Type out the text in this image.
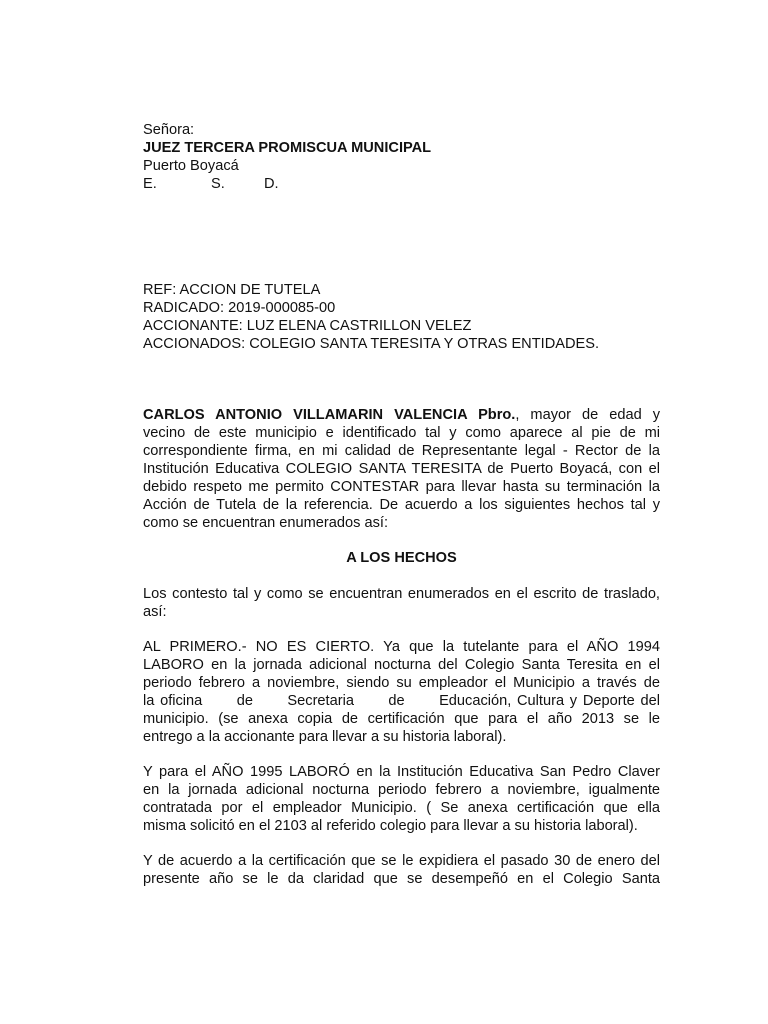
Señora:
JUEZ TERCERA PROMISCUA MUNICIPAL
Puerto Boyacá
E.	S.	D.
REF: ACCION DE TUTELA
RADICADO: 2019-000085-00
ACCIONANTE: LUZ ELENA CASTRILLON VELEZ
ACCIONADOS: COLEGIO SANTA TERESITA Y OTRAS ENTIDADES.
CARLOS ANTONIO VILLAMARIN VALENCIA Pbro., mayor de edad y
vecino de este municipio e identificado tal y como aparece al pie de mi
correspondiente firma, en mi calidad de Representante legal - Rector de la
Institución Educativa COLEGIO SANTA TERESITA de Puerto Boyacá, con el
debido respeto me permito CONTESTAR para llevar hasta su terminación la
Acción de Tutela de la referencia. De acuerdo a los siguientes hechos tal y
como se encuentran enumerados así:
A LOS HECHOS
Los contesto tal y como se encuentran enumerados en el escrito de traslado,
así:
AL PRIMERO.- NO ES CIERTO. Ya que la tutelante para el AÑO 1994
LABORO en la jornada adicional nocturna del Colegio Santa Teresita en el
periodo febrero a noviembre, siendo su empleador el Municipio a través de
la oficina      de      Secretaria      de      Educación, Cultura y Deporte del
municipio. (se anexa copia de certificación que para el año 2013 se le
entrego a la accionante para llevar a su historia laboral).
Y para el AÑO 1995 LABORÓ en la Institución Educativa San Pedro Claver
en la jornada adicional nocturna periodo febrero a noviembre, igualmente
contratada por el empleador Municipio. ( Se anexa certificación que ella
misma solicitó en el 2103 al referido colegio para llevar a su historia laboral).
Y de acuerdo a la certificación que se le expidiera el pasado 30 de enero del
presente año se le da claridad que se desempeñó en el Colegio Santa
